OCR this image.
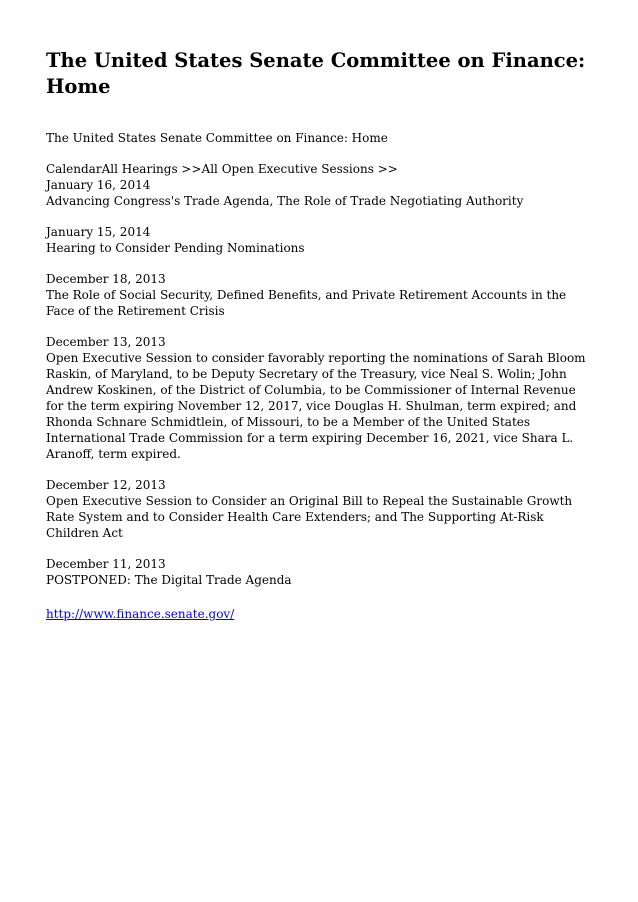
The United States Senate Committee on Finance: Home
The United States Senate Committee on Finance: Home
CalendarAll Hearings >>All Open Executive Sessions >>
January 16, 2014
Advancing Congress's Trade Agenda, The Role of Trade Negotiating Authority
January 15, 2014
Hearing to Consider Pending Nominations
December 18, 2013
The Role of Social Security, Defined Benefits, and Private Retirement Accounts in the Face of the Retirement Crisis
December 13, 2013
Open Executive Session to consider favorably reporting the nominations of Sarah Bloom Raskin, of Maryland, to be Deputy Secretary of the Treasury, vice Neal S. Wolin; John Andrew Koskinen, of the District of Columbia, to be Commissioner of Internal Revenue for the term expiring November 12, 2017, vice Douglas H. Shulman, term expired; and Rhonda Schnare Schmidtlein, of Missouri, to be a Member of the United States International Trade Commission for a term expiring December 16, 2021, vice Shara L. Aranoff, term expired.
December 12, 2013
Open Executive Session to Consider an Original Bill to Repeal the Sustainable Growth Rate System and to Consider Health Care Extenders; and The Supporting At-Risk Children Act
December 11, 2013
POSTPONED: The Digital Trade Agenda
http://www.finance.senate.gov/
